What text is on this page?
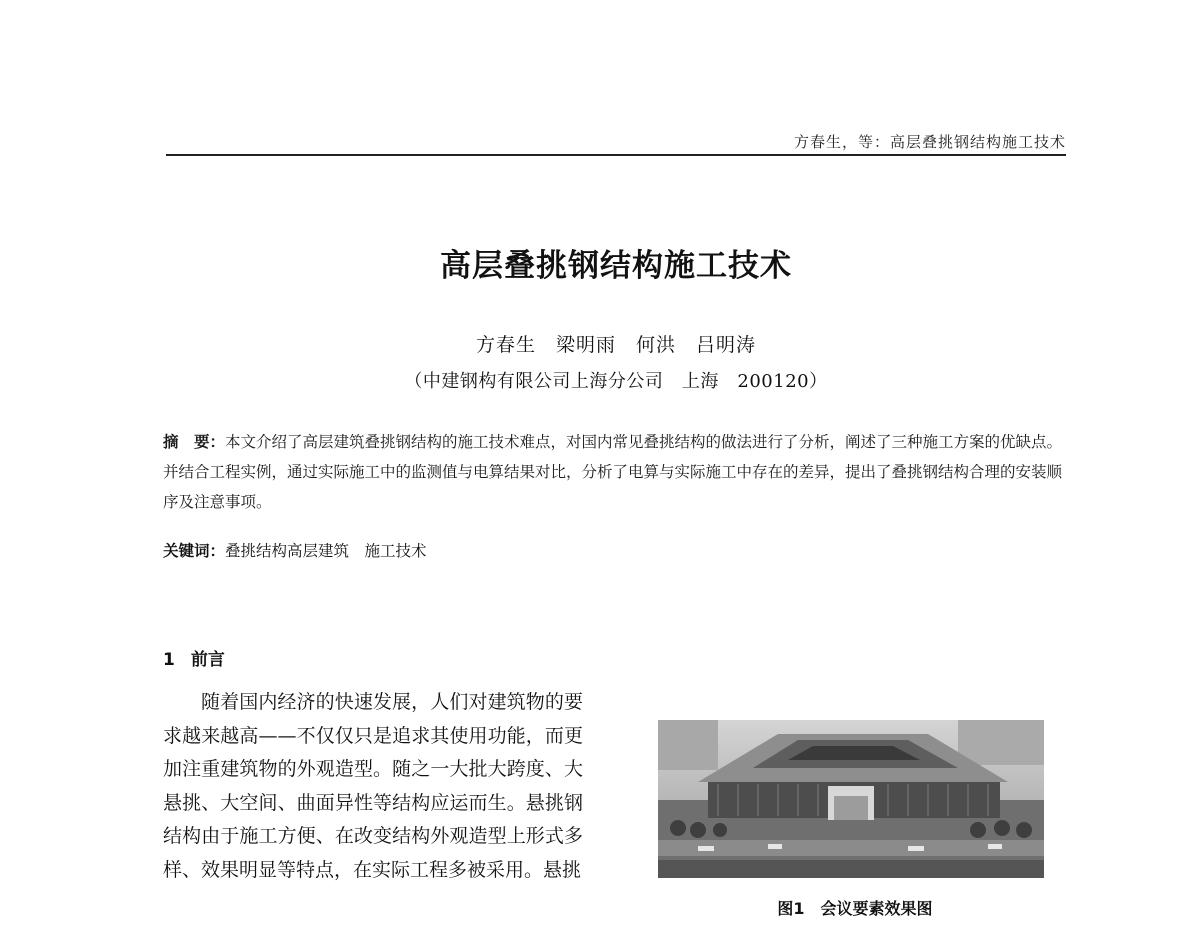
方春生，等：高层叠挑钢结构施工技术
高层叠挑钢结构施工技术
方春生　梁明雨　何洪　吕明涛
（中建钢构有限公司上海分公司　上海　200120）
摘　要：本文介绍了高层建筑叠挑钢结构的施工技术难点，对国内常见叠挑结构的做法进行了分析，阐述了三种施工方案的优缺点。并结合工程实例，通过实际施工中的监测值与电算结果对比，分析了电算与实际施工中存在的差异，提出了叠挑钢结构合理的安装顺序及注意事项。
关键词：叠挑结构高层建筑　施工技术
1 前言

随着国内经济的快速发展，人们对建筑物的要求越来越高——不仅仅只是追求其使用功能，而更加注重建筑物的外观造型。随之一大批大跨度、大悬挑、大空间、曲面异性等结构应运而生。悬挑钢结构由于施工方便、在改变结构外观造型上形式多样、效果明显等特点，在实际工程多被采用。悬挑

图1　会议要素效果图
